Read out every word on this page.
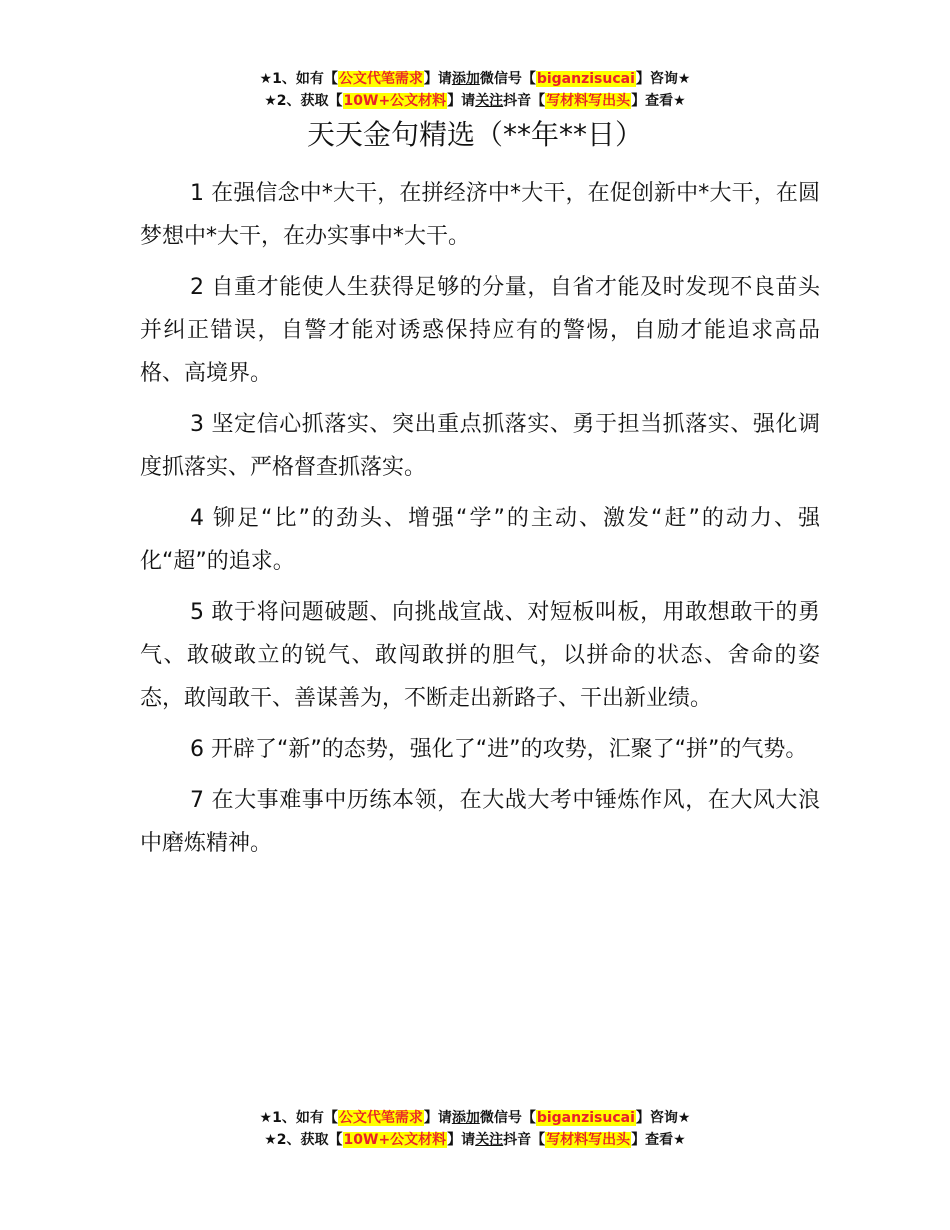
★1、如有【公文代笔需求】请添加微信号【biganzisucai】咨询★
★2、获取【10W+公文材料】请关注抖音【写材料写出头】查看★
天天金句精选（**年**日）

1 在强信念中*大干，在拼经济中*大干，在促创新中*大干，在圆梦想中*大干，在办实事中*大干。

2 自重才能使人生获得足够的分量，自省才能及时发现不良苗头并纠正错误，自警才能对诱惑保持应有的警惕，自励才能追求高品格、高境界。

3 坚定信心抓落实、突出重点抓落实、勇于担当抓落实、强化调度抓落实、严格督查抓落实。

4 铆足“比”的劲头、增强“学”的主动、激发“赶”的动力、强化“超”的追求。

5 敢于将问题破题、向挑战宣战、对短板叫板，用敢想敢干的勇气、敢破敢立的锐气、敢闯敢拼的胆气，以拼命的状态、舍命的姿态，敢闯敢干、善谋善为，不断走出新路子、干出新业绩。

6 开辟了“新”的态势，强化了“进”的攻势，汇聚了“拼”的气势。

7 在大事难事中历练本领，在大战大考中锤炼作风，在大风大浪中磨炼精神。

★1、如有【公文代笔需求】请添加微信号【biganzisucai】咨询★
★2、获取【10W+公文材料】请关注抖音【写材料写出头】查看★
